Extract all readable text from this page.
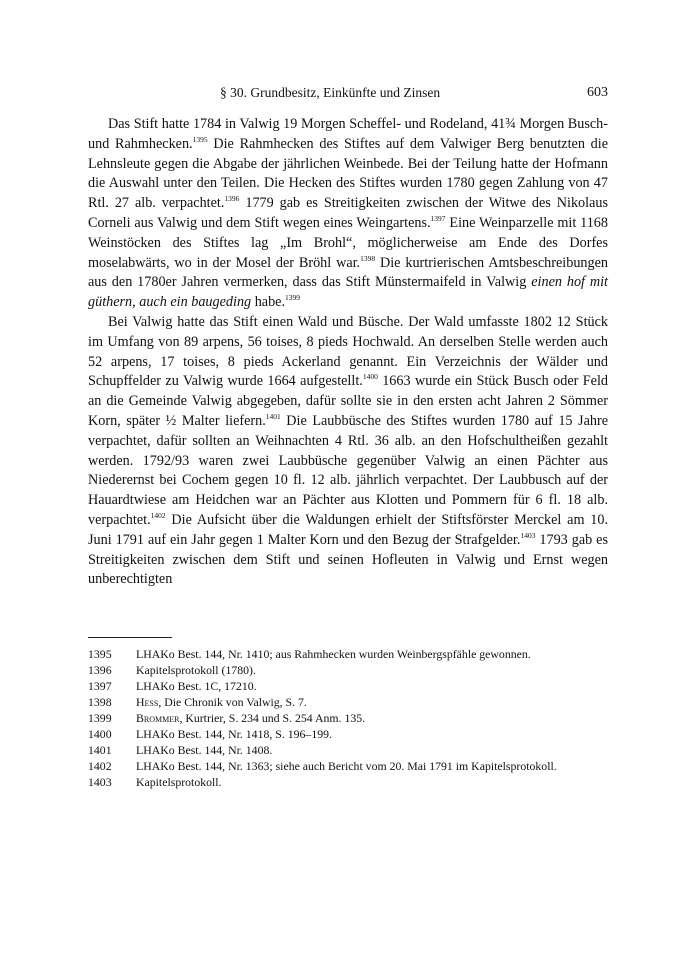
§ 30. Grundbesitz, Einkünfte und Zinsen	603

Das Stift hatte 1784 in Valwig 19 Morgen Scheffel- und Rodeland, 41¾ Morgen Busch- und Rahmhecken.$^{1395}$ Die Rahmhecken des Stiftes auf dem Valwiger Berg benutzten die Lehnsleute gegen die Abgabe der jährlichen Weinbede. Bei der Teilung hatte der Hofmann die Auswahl unter den Teilen. Die Hecken des Stiftes wurden 1780 gegen Zahlung von 47 Rtl. 27 alb. verpachtet.$^{1396}$ 1779 gab es Streitigkeiten zwischen der Witwe des Nikolaus Corneli aus Valwig und dem Stift wegen eines Weingartens.$^{1397}$ Eine Weinparzelle mit 1168 Weinstöcken des Stiftes lag „Im Brohl“, möglicherweise am Ende des Dorfes moselabwärts, wo in der Mosel der Bröhl war.$^{1398}$ Die kurtrierischen Amtsbeschreibungen aus den 1780er Jahren vermerken, dass das Stift Münstermaifeld in Valwig einen hof mit güthern, auch ein baugeding habe.$^{1399}$

Bei Valwig hatte das Stift einen Wald und Büsche. Der Wald umfasste 1802 12 Stück im Umfang von 89 arpens, 56 toises, 8 pieds Hochwald. An derselben Stelle werden auch 52 arpens, 17 toises, 8 pieds Ackerland genannt. Ein Verzeichnis der Wälder und Schupffelder zu Valwig wurde 1664 aufgestellt.$^{1400}$ 1663 wurde ein Stück Busch oder Feld an die Gemeinde Valwig abgegeben, dafür sollte sie in den ersten acht Jahren 2 Sömmer Korn, später ½ Malter liefern.$^{1401}$ Die Laubbüsche des Stiftes wurden 1780 auf 15 Jahre verpachtet, dafür sollten an Weihnachten 4 Rtl. 36 alb. an den Hofschultheißen gezahlt werden. 1792/93 waren zwei Laubbüsche gegenüber Valwig an einen Pächter aus Niederernst bei Cochem gegen 10 fl. 12 alb. jährlich verpachtet. Der Laubbusch auf der Hauardtwiese am Heidchen war an Pächter aus Klotten und Pommern für 6 fl. 18 alb. verpachtet.$^{1402}$ Die Aufsicht über die Waldungen erhielt der Stiftsförster Merckel am 10. Juni 1791 auf ein Jahr gegen 1 Malter Korn und den Bezug der Strafgelder.$^{1403}$ 1793 gab es Streitigkeiten zwischen dem Stift und seinen Hofleuten in Valwig und Ernst wegen unberechtigten

1395	LHAKo Best. 144, Nr. 1410; aus Rahmhecken wurden Weinbergspfähle gewonnen.
1396	Kapitelsprotokoll (1780).
1397	LHAKo Best. 1C, 17210.
1398	Hess, Die Chronik von Valwig, S. 7.
1399	Brommer, Kurtrier, S. 234 und S. 254 Anm. 135.
1400	LHAKo Best. 144, Nr. 1418, S. 196–199.
1401	LHAKo Best. 144, Nr. 1408.
1402	LHAKo Best. 144, Nr. 1363; siehe auch Bericht vom 20. Mai 1791 im Kapitelsprotokoll.
1403	Kapitelsprotokoll.
